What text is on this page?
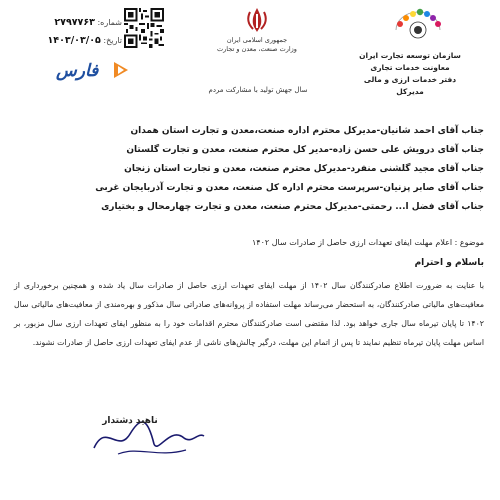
شماره: ۲۷۹۷۷۶۳
تاریخ: ۱۴۰۳/۰۳/۰۵
فارس
جمهوری اسلامی ایران
وزارت صنعت، معدن و تجارت
سال جهش تولید با مشارکت مردم
سازمان توسعه تجارت ایران
معاونت خدمات تجاری
دفتر خدمات ارزی و مالی
مدیرکل
جناب آقای احمد شانیان-مدیرکل محترم اداره صنعت،معدن و تجارت استان همدان
جناب آقای درویش علی حسن زاده-مدیر کل محترم صنعت، معدن و تجارت گلستان
جناب آقای مجید گلشنی منفرد-مدیرکل محترم صنعت، معدن و تجارت استان زنجان
جناب آقای صابر پزنیان-سرپرست محترم اداره کل صنعت، معدن و تجارت آذربایجان غربی
جناب آقای فضل ا... رحمتی-مدیرکل محترم صنعت، معدن و تجارت چهارمحال و بختیاری
موضوع : اعلام مهلت ایفای تعهدات ارزی حاصل از صادرات سال ۱۴۰۲
باسلام و احترام
با عنایت به ضرورت اطلاع صادرکنندگان سال ۱۴۰۲ از مهلت ایفای تعهدات ارزی حاصل از صادرات سال یاد شده و همچنین برخورداری از معافیت‌های مالیاتی صادرکنندگان، به استحضار می‌رساند مهلت استفاده از پروانه‌های صادراتی سال مذکور و بهره‌مندی از معافیت‌های مالیاتی سال ۱۴۰۲ تا پایان تیرماه سال جاری خواهد بود. لذا مقتضی است صادرکنندگان محترم اقدامات خود را به منظور ایفای تعهدات ارزی سال مزبور، بر اساس مهلت پایان تیرماه تنظیم نمایند تا پس از اتمام این مهلت، درگیر چالش‌های ناشی از عدم ایفای تعهدات ارزی حاصل از صادرات نشوند.
ناهید دشتدار
